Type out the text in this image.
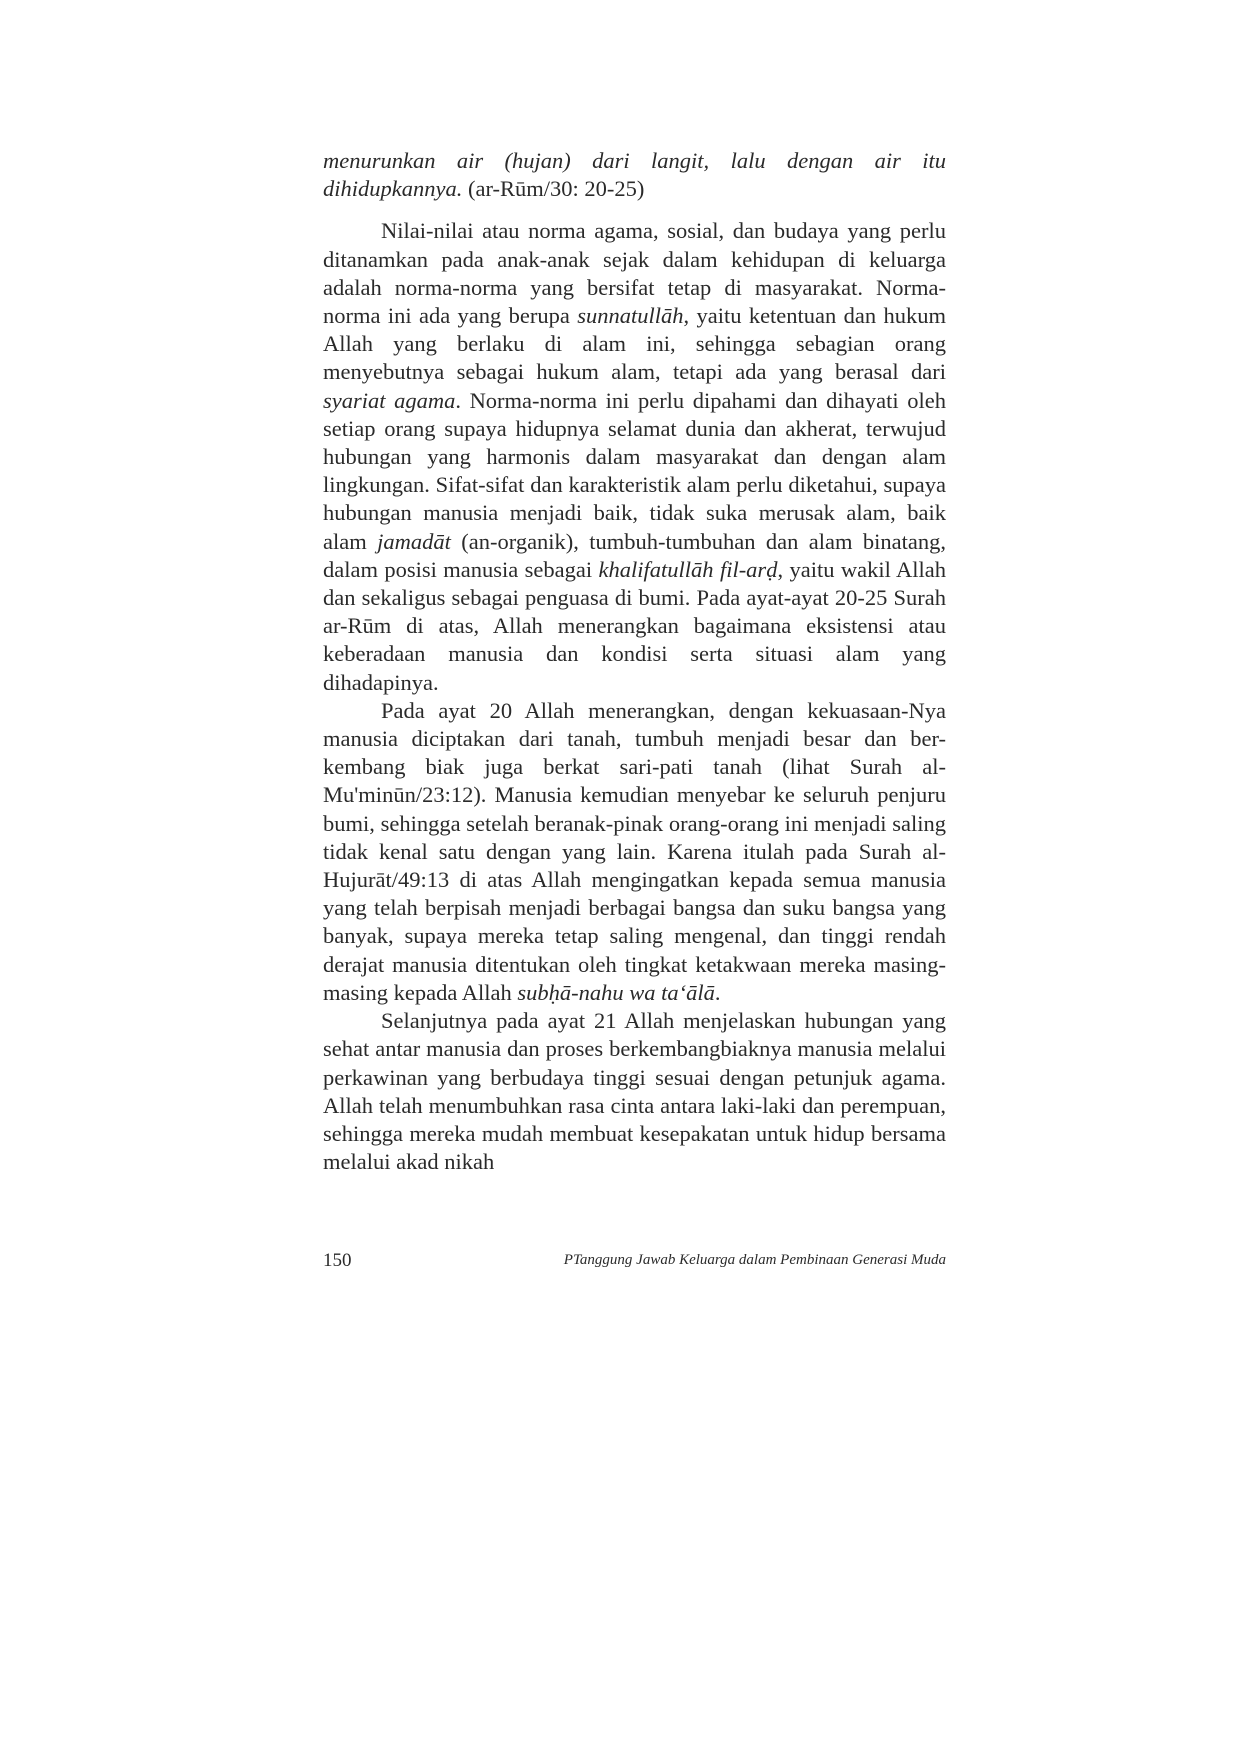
menurunkan air (hujan) dari langit, lalu dengan air itu dihidupkannya. (ar-Rūm/30: 20-25)

Nilai-nilai atau norma agama, sosial, dan budaya yang perlu ditanamkan pada anak-anak sejak dalam kehidupan di keluarga adalah norma-norma yang bersifat tetap di masyarakat. Norma-norma ini ada yang berupa sunnatullāh, yaitu ketentuan dan hukum Allah yang berlaku di alam ini, sehingga sebagian orang menyebutnya sebagai hukum alam, tetapi ada yang berasal dari syariat agama. Norma-norma ini perlu dipahami dan dihayati oleh setiap orang supaya hidupnya selamat dunia dan akherat, terwujud hubungan yang harmonis dalam masyarakat dan dengan alam lingkungan. Sifat-sifat dan karakteristik alam perlu diketahui, supaya hubungan manusia menjadi baik, tidak suka merusak alam, baik alam jamadāt (an-organik), tumbuh-tumbuhan dan alam binatang, dalam posisi manusia sebagai khalifatullāh fil-arḍ, yaitu wakil Allah dan sekaligus sebagai penguasa di bumi. Pada ayat-ayat 20-25 Surah ar-Rūm di atas, Allah menerangkan bagaimana eksistensi atau keberadaan manusia dan kondisi serta situasi alam yang dihadapinya.

Pada ayat 20 Allah menerangkan, dengan kekuasaan-Nya manusia diciptakan dari tanah, tumbuh menjadi besar dan ber-kembang biak juga berkat sari-pati tanah (lihat Surah al-Mu'minūn/23:12). Manusia kemudian menyebar ke seluruh penjuru bumi, sehingga setelah beranak-pinak orang-orang ini menjadi saling tidak kenal satu dengan yang lain. Karena itulah pada Surah al-Hujurāt/49:13 di atas Allah mengingatkan kepada semua manusia yang telah berpisah menjadi berbagai bangsa dan suku bangsa yang banyak, supaya mereka tetap saling mengenal, dan tinggi rendah derajat manusia ditentukan oleh tingkat ketakwaan mereka masing-masing kepada Allah subḥā-nahu wa ta‘ālā.

Selanjutnya pada ayat 21 Allah menjelaskan hubungan yang sehat antar manusia dan proses berkembangbiaknya manusia melalui perkawinan yang berbudaya tinggi sesuai dengan petunjuk agama. Allah telah menumbuhkan rasa cinta antara laki-laki dan perempuan, sehingga mereka mudah membuat kesepakatan untuk hidup bersama melalui akad nikah

150	PTanggung Jawab Keluarga dalam Pembinaan Generasi Muda
